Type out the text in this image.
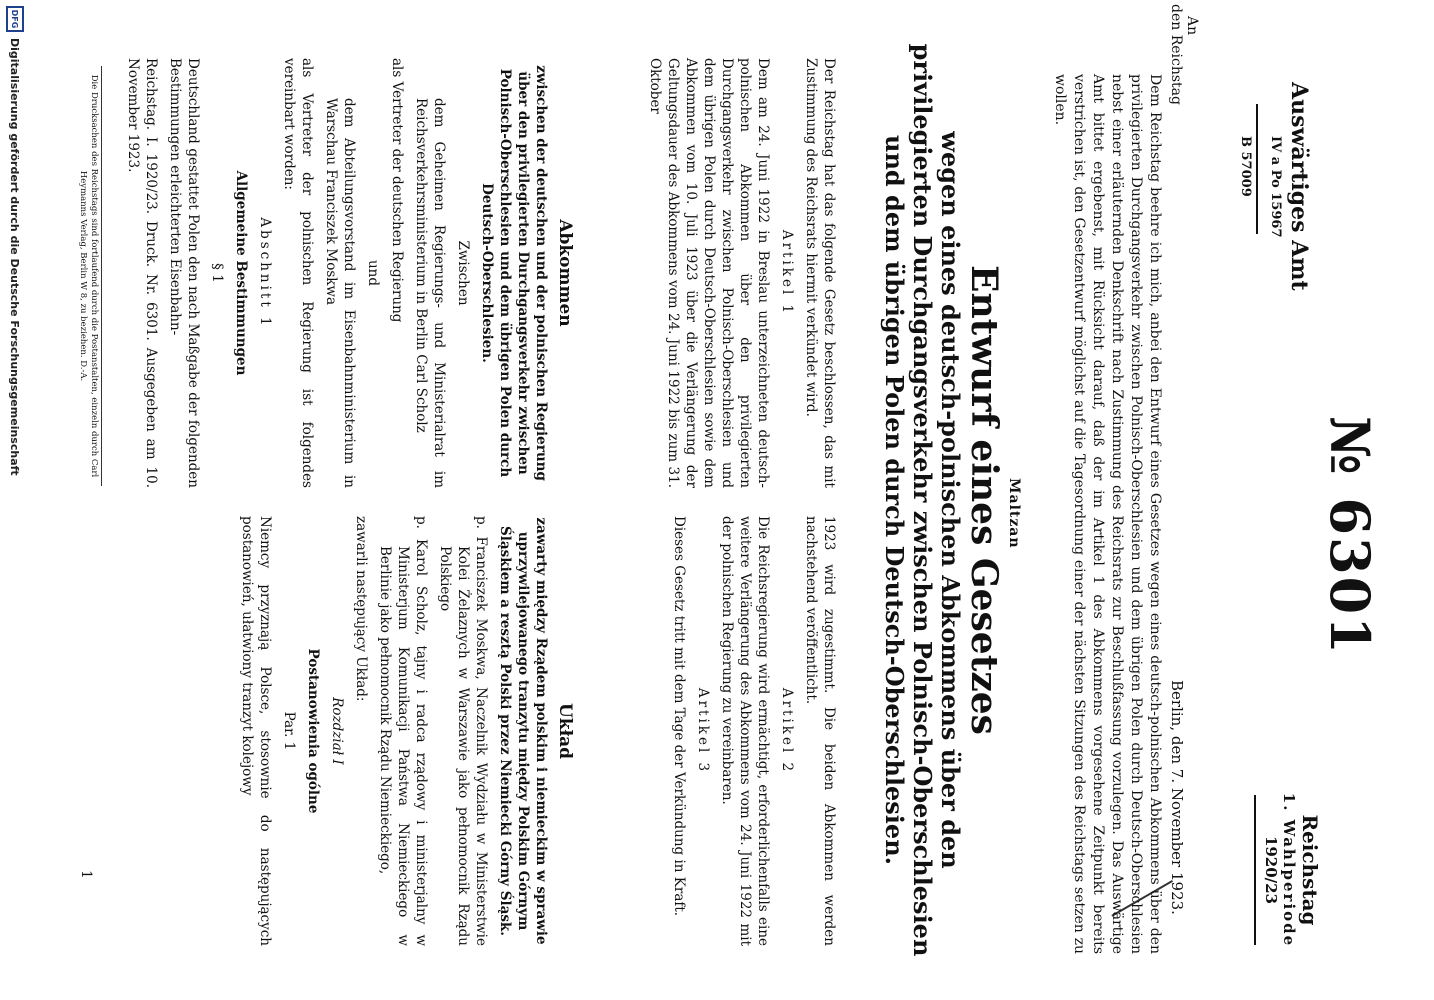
DFG
Digitalisierung gefördert durch die Deutsche Forschungsgemeinschaft	Auswärtiges Amt
IV a Po 15967
B 57009
An
den Reichstag
№ 6301
Reichstag
1. Wahlperiode
1920/23
Berlin, den 7. November 1923.
Dem Reichstag beehre ich mich, anbei den Entwurf eines Gesetzes wegen eines deutsch-polnischen Abkommens über den privilegierten Durchgangsverkehr zwischen Polnisch-Oberschlesien und dem übrigen Polen durch Deutsch-Oberschlesien nebst einer erläuternden Denkschrift nach Zustimmung des Reichsrats zur Beschlußfassung vorzulegen. Das Auswärtige Amt bittet ergebenst, mit Rücksicht darauf, daß der im Artikel 1 des Abkommens vorgesehene Zeitpunkt bereits verstrichen ist, den Gesetzentwurf möglichst auf die Tagesordnung einer der nächsten Sitzungen des Reichstags setzen zu wollen.
Maltzan
Entwurf eines Gesetzes
wegen eines deutsch-polnischen Abkommens über den privilegierten Durchgangsverkehr zwischen Polnisch-Oberschlesien und dem übrigen Polen durch Deutsch-Oberschlesien.

Der Reichstag hat das folgende Gesetz beschlossen, das mit Zustimmung des Reichsrats hiermit verkündet wird.

Artikel 1

Dem am 24. Juni 1922 in Breslau unterzeichneten deutsch-polnischen Abkommen über den privilegierten Durchgangsverkehr zwischen Polnisch-Oberschlesien und dem übrigen Polen durch Deutsch-Oberschlesien sowie dem Abkommen vom 10. Juli 1923 über die Verlängerung der Geltungsdauer des Abkommens vom 24. Juni 1922 bis zum 31. Oktober

1923 wird zugestimmt. Die beiden Abkommen werden nachstehend veröffentlicht.

Artikel 2

Die Reichsregierung wird ermächtigt, erforderlichenfalls eine weitere Verlängerung des Abkommens vom 24. Juni 1922 mit der polnischen Regierung zu vereinbaren.

Artikel 3

Dieses Gesetz tritt mit dem Tage der Verkündung in Kraft.

Abkommen

zwischen der deutschen und der polnischen Regierung über den privilegierten Durchgangsverkehr zwischen Polnisch-Oberschlesien und dem übrigen Polen durch Deutsch-Oberschlesien.

Zwischen

dem Geheimen Regierungs- und Ministerialrat im Reichsverkehrsministerium in Berlin Carl Scholz

als Vertreter der deutschen Regierung

und

dem Abteilungsvorstand im Eisenbahnministerium in Warschau Franciszek Moskwa

als Vertreter der polnischen Regierung ist folgendes vereinbart worden:

Abschnitt 1

Allgemeine Bestimmungen

§ 1

Deutschland gestattet Polen den nach Maßgabe der folgenden Bestimmungen erleichterten Eisenbahn-

Reichstag. I. 1920/23. Druck. Nr. 6301. Ausgegeben am 10. November 1923.

Układ

zawarty między Rządem polskim i niemieckim w sprawie uprzywilejowanego tranzytu między Polskim Górnym Śląskiem a resztą Polski przez Niemiecki Górny Śląsk.

p. Franciszek Moskwa, Naczelnik Wydziału w Ministerstwie Kolei Żelaznych w Warszawie jako pełnomocnik Rządu Polskiego

p. Karol Scholz, tajny i radca rządowy i ministerjalny w Ministerjum Komunikacji Państwa Niemieckiego w Berlinie jako pełnomocnik Rządu Niemieckiego,

zawarli następujący Układ:

Rozdział I

Postanowienia ogólne

Par. 1

Niemcy przyznają Polsce, stosownie do następujących postanowień, ułatwiony tranzyt kolejowy

Die Drucksachen des Reichstags sind fortlaufend durch die Postanstalten, einzeln durch Carl Heymanns Verlag, Berlin W 8, zu beziehen. D.-A.
1
